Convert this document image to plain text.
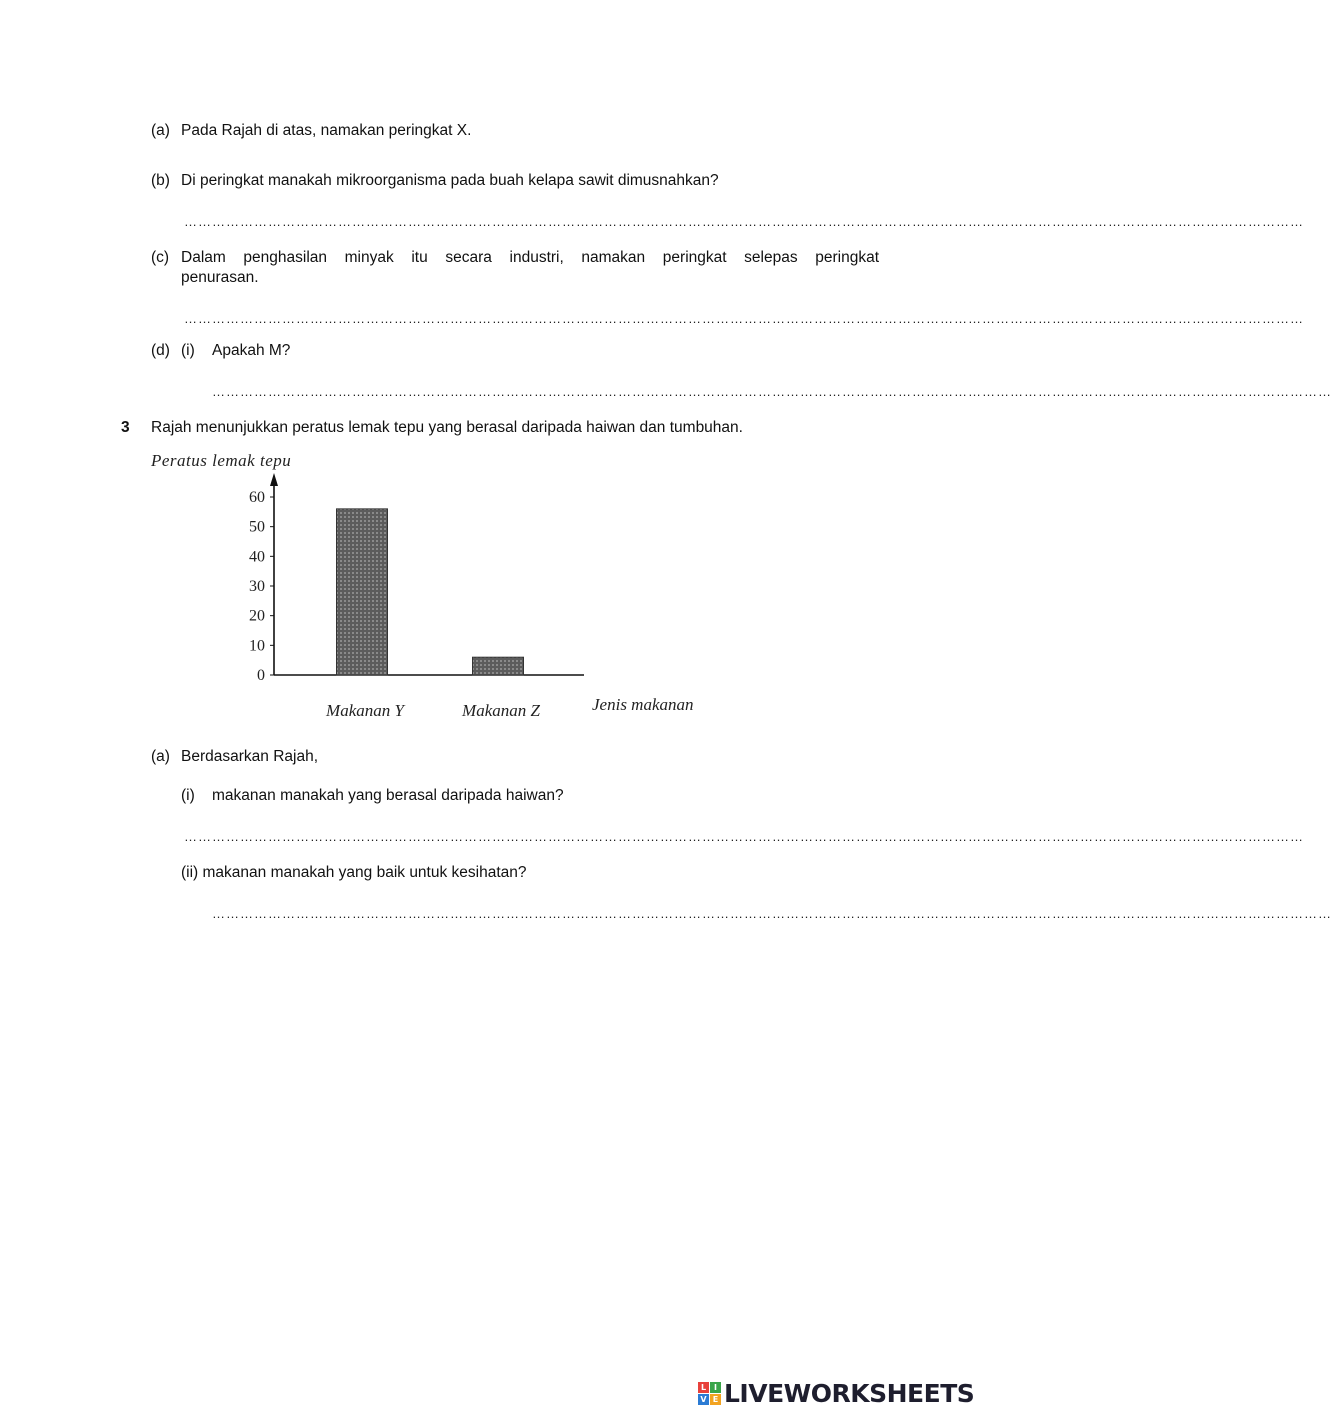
(a) Pada Rajah di atas, namakan peringkat X.
(b) Di peringkat manakah mikroorganisma pada buah kelapa sawit dimusnahkan?
……………………………………………………………………………………………………………………………………………………………………………………………………………………
(c) Dalam penghasilan minyak itu secara industri, namakan peringkat selepas peringkat
penurasan.
……………………………………………………………………………………………………………………………………………………………………………………………………………………
(d) (i) Apakah M?
……………………………………………………………………………………………………………………………………………………………………………………………………………………
3 Rajah menunjukkan peratus lemak tepu yang berasal daripada haiwan dan tumbuhan.
Peratus lemak tepu
Jenis makanan
0
10
20
30
40
50
60
Makanan Y	Makanan Z
(a) Berdasarkan Rajah,
(i) makanan manakah yang berasal daripada haiwan?
……………………………………………………………………………………………………………………………………………………………………………………………………………………
(ii) makanan manakah yang baik untuk kesihatan?
……………………………………………………………………………………………………………………………………………………………………………………………………………………
L I
V E LIVEWORKSHEETS
